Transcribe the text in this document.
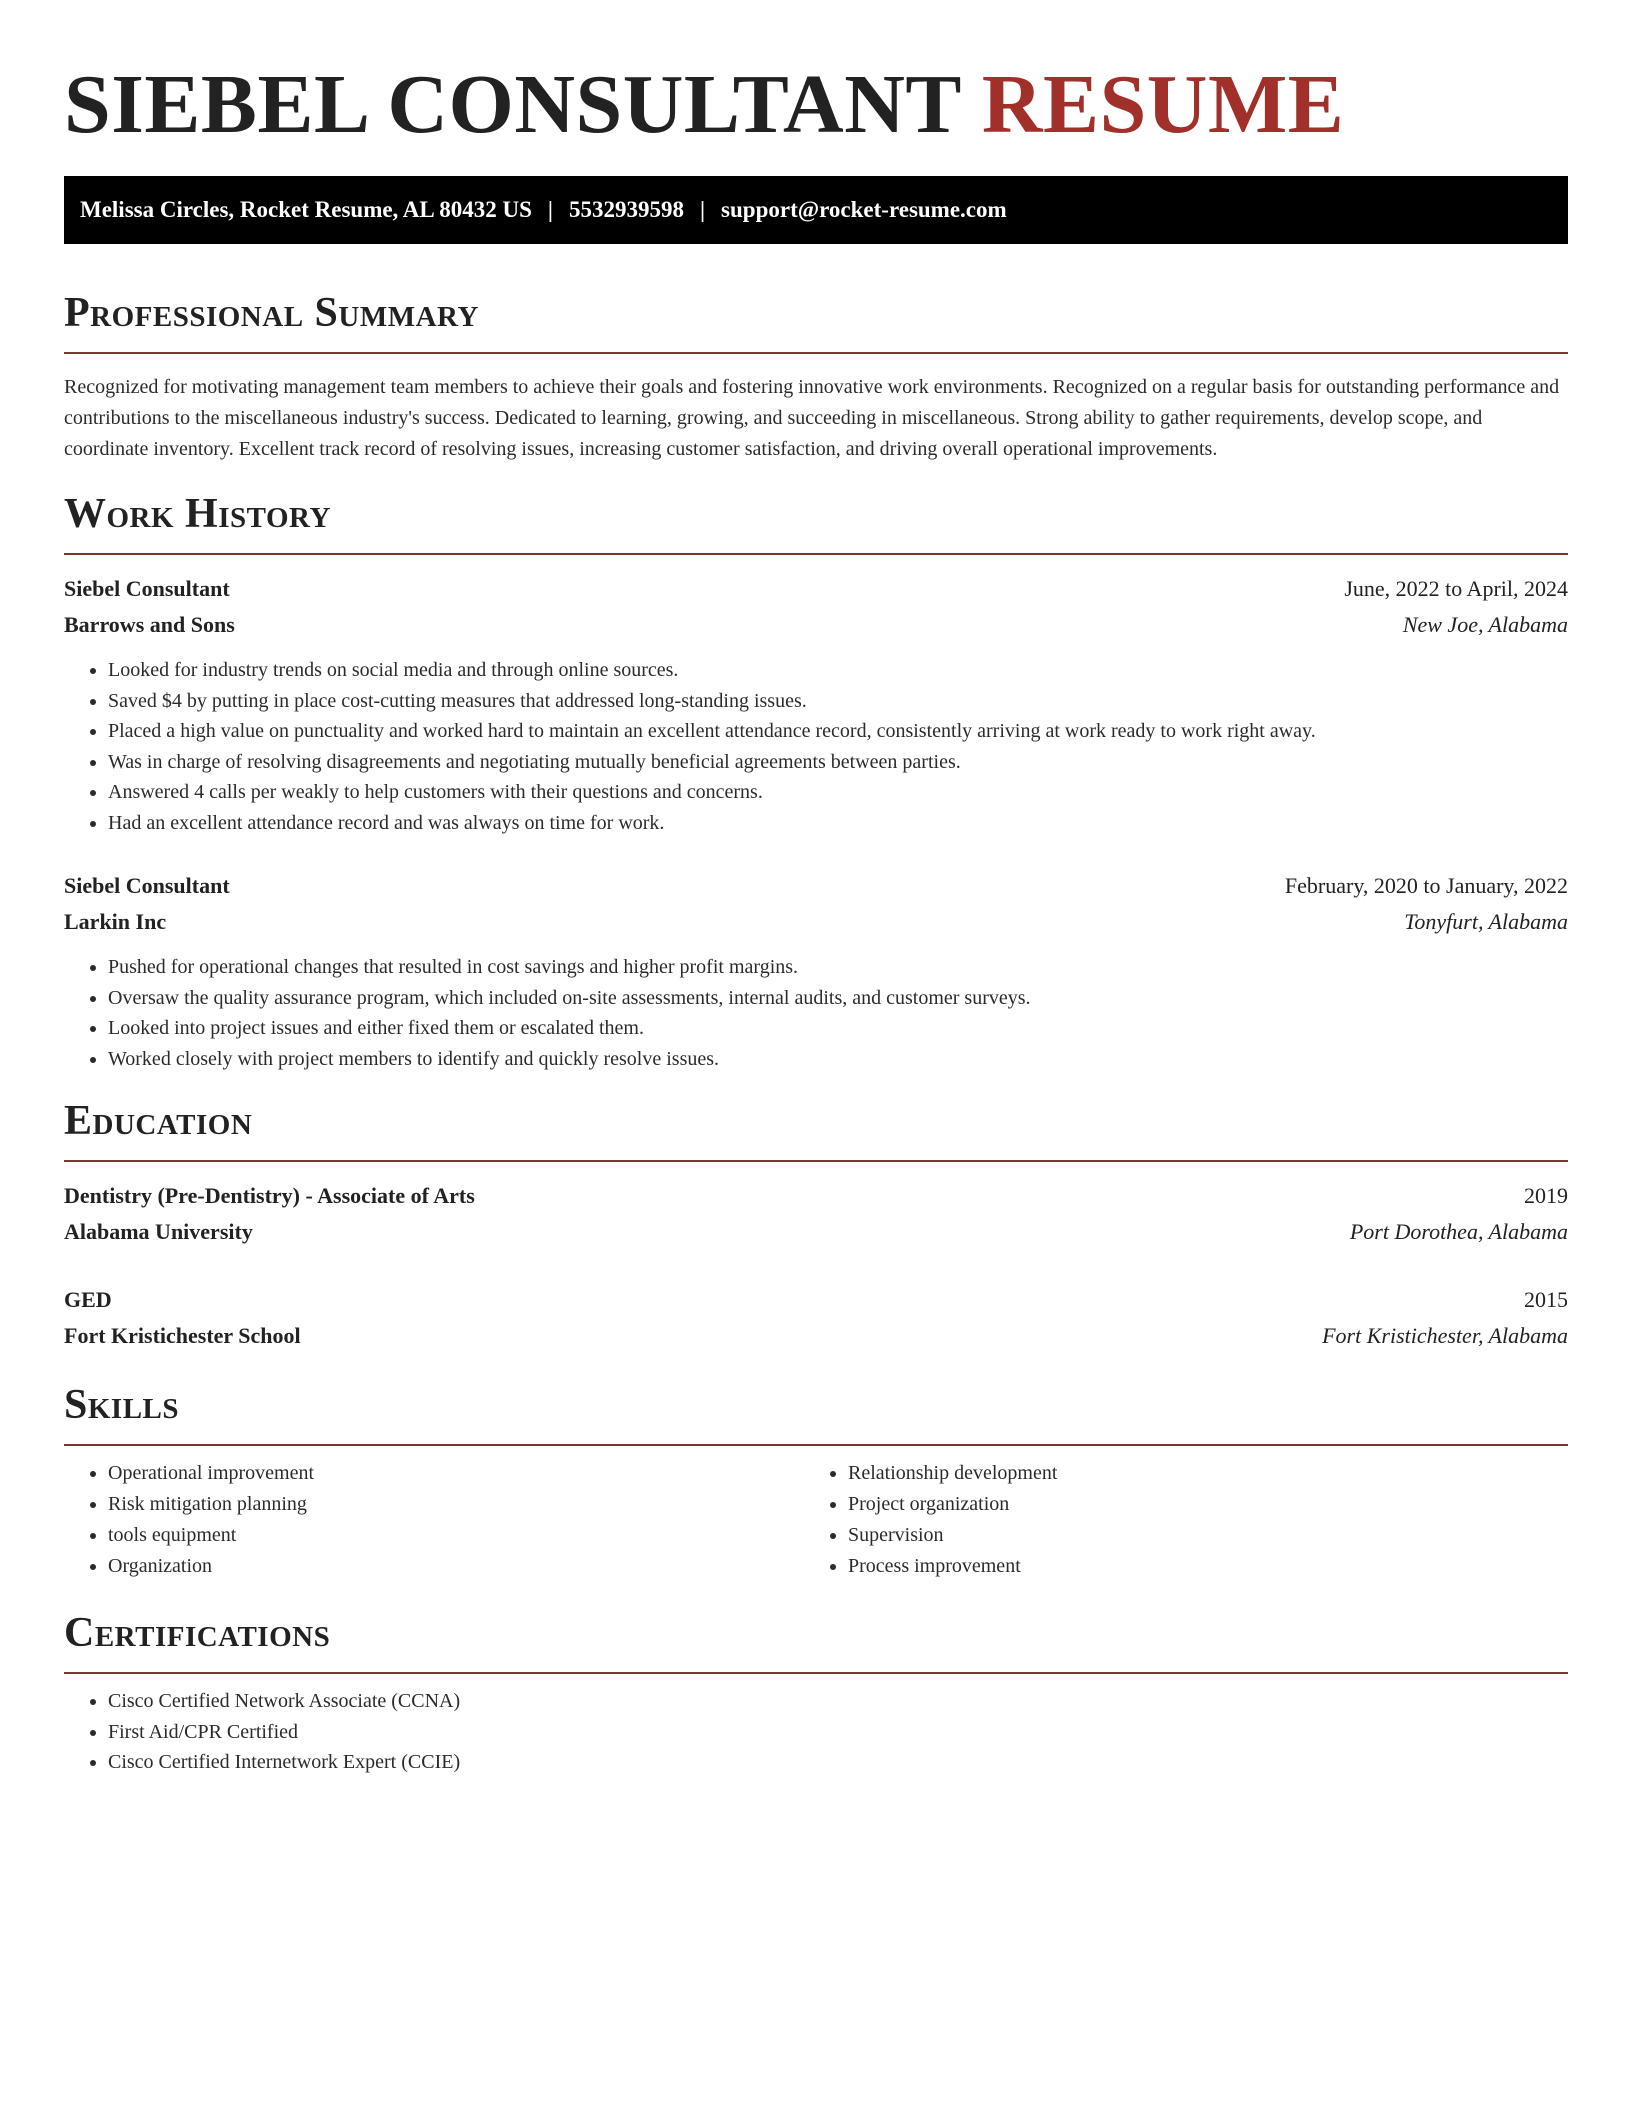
SIEBEL CONSULTANT RESUME
Melissa Circles, Rocket Resume, AL 80432 US | 5532939598 | support@rocket-resume.com
Professional Summary

Recognized for motivating management team members to achieve their goals and fostering innovative work environments. Recognized on a regular basis for outstanding performance and contributions to the miscellaneous industry's success. Dedicated to learning, growing, and succeeding in miscellaneous. Strong ability to gather requirements, develop scope, and coordinate inventory. Excellent track record of resolving issues, increasing customer satisfaction, and driving overall operational improvements.

Work History
Siebel Consultant	June, 2022 to April, 2024
Barrows and Sons	New Joe, Alabama
• Looked for industry trends on social media and through online sources.
• Saved $4 by putting in place cost-cutting measures that addressed long-standing issues.
• Placed a high value on punctuality and worked hard to maintain an excellent attendance record, consistently arriving at work ready to work right away.
• Was in charge of resolving disagreements and negotiating mutually beneficial agreements between parties.
• Answered 4 calls per weakly to help customers with their questions and concerns.
• Had an excellent attendance record and was always on time for work.
Siebel Consultant	February, 2020 to January, 2022
Larkin Inc	Tonyfurt, Alabama
• Pushed for operational changes that resulted in cost savings and higher profit margins.
• Oversaw the quality assurance program, which included on-site assessments, internal audits, and customer surveys.
• Looked into project issues and either fixed them or escalated them.
• Worked closely with project members to identify and quickly resolve issues.
Education
Dentistry (Pre-Dentistry) - Associate of Arts	2019
Alabama University	Port Dorothea, Alabama
GED	2015
Fort Kristichester School	Fort Kristichester, Alabama
Skills
• Operational improvement
• Risk mitigation planning
• tools equipment
• Organization
• Relationship development
• Project organization
• Supervision
• Process improvement
Certifications
• Cisco Certified Network Associate (CCNA)
• First Aid/CPR Certified
• Cisco Certified Internetwork Expert (CCIE)
